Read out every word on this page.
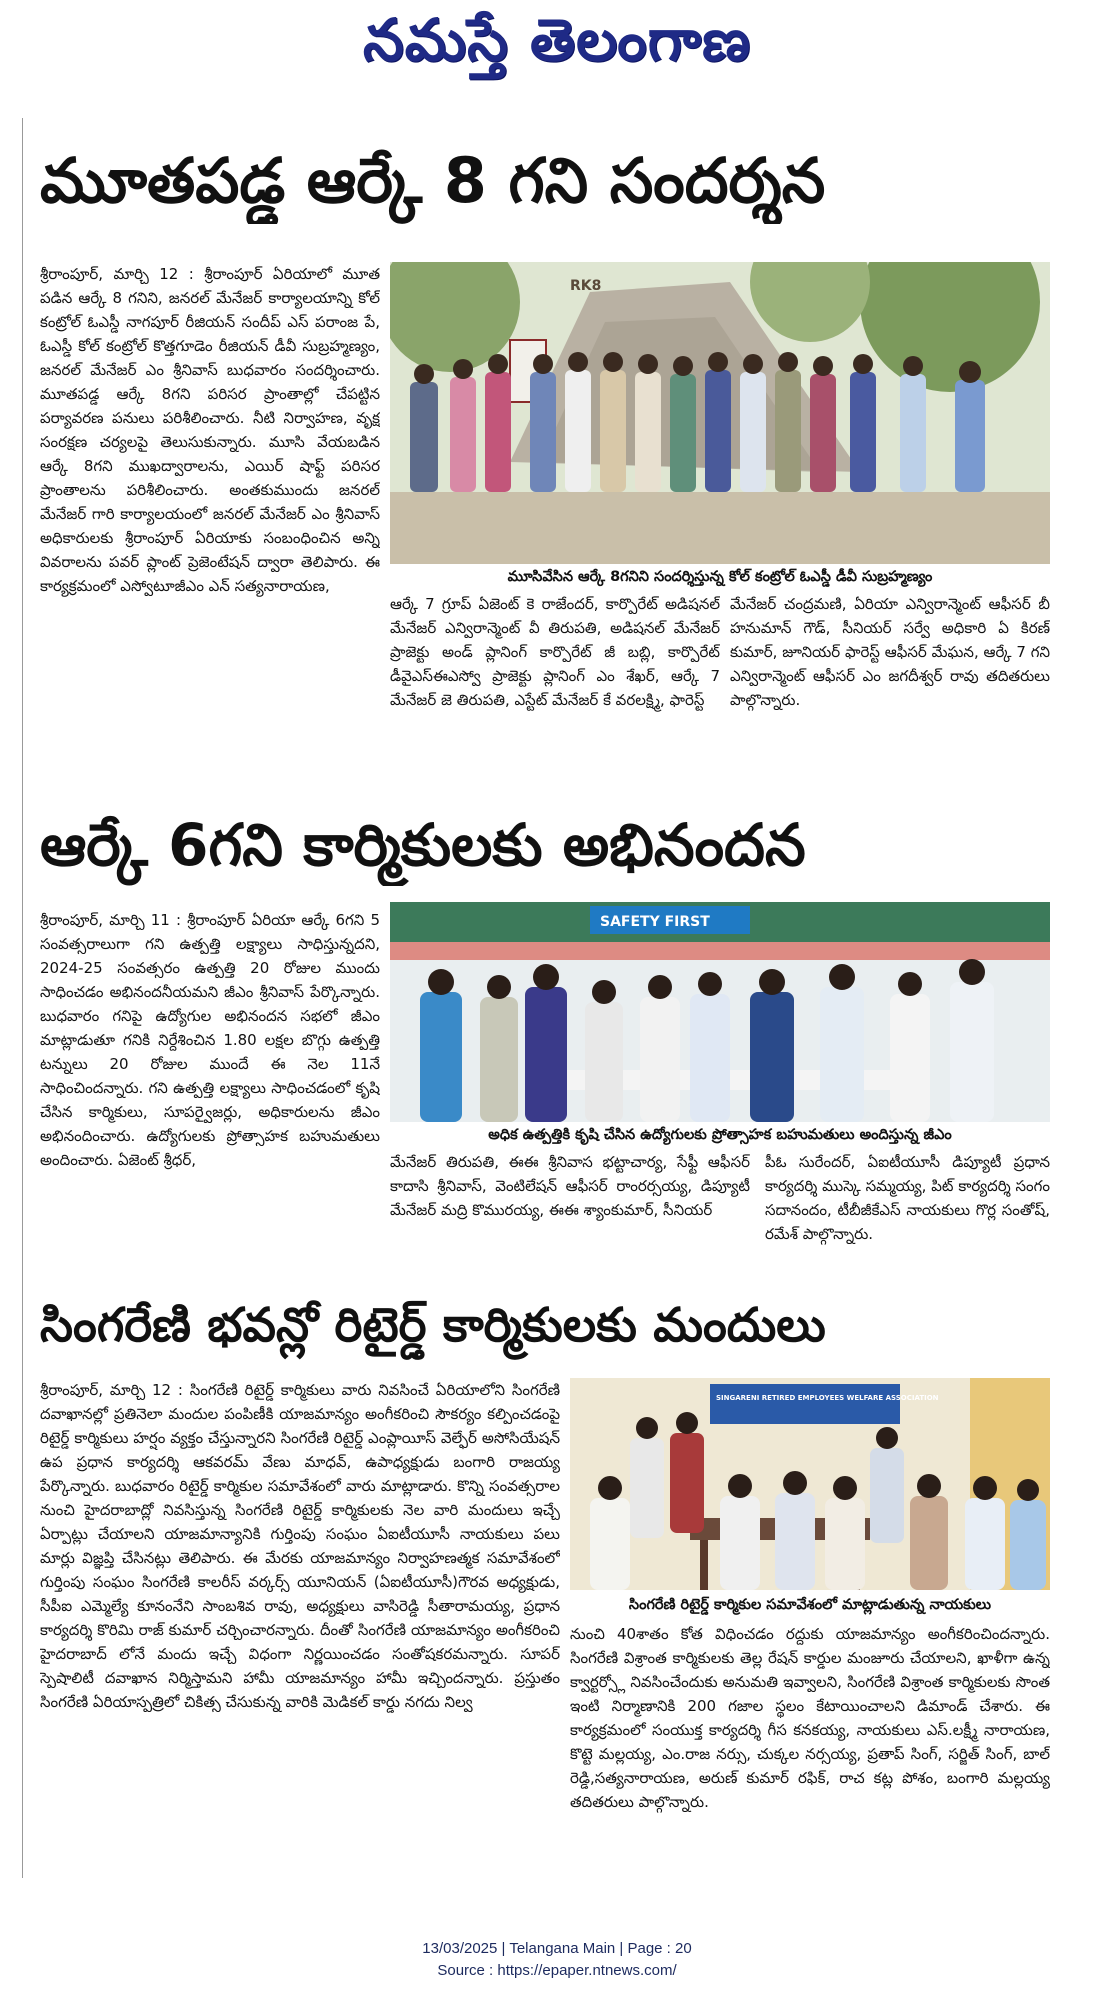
నమస్తే తెలంగాణ
మూతపడ్డ ఆర్కే 8 గని సందర్శన
శ్రీరాంపూర్, మార్చి 12 : శ్రీరాంపూర్ ఏరియాలో మూత పడిన ఆర్కే 8 గనిని, జనరల్ మేనేజర్ కార్యాలయాన్ని కోల్ కంట్రోల్ ఓఎస్డీ నాగపూర్ రీజియన్ సందీప్ ఎస్ పరాంజ పే, ఓఎస్డీ కోల్ కంట్రోల్ కొత్తగూడెం రీజియన్ డీవీ సుబ్రహ్మణ్యం, జనరల్ మేనేజర్ ఎం శ్రీనివాస్ బుధవారం సందర్శించారు. మూతపడ్డ ఆర్కే 8గని పరిసర ప్రాంతాల్లో చేపట్టిన పర్యావరణ పనులు పరిశీలించారు. నీటి నిర్వాహణ, వృక్ష సంరక్షణ చర్యలపై తెలుసుకున్నారు. మూసి వేయబడిన ఆర్కే 8గని ముఖద్వారాలను, ఎయిర్ షాఫ్ట్ పరిసర ప్రాంతాలను పరిశీలించారు. అంతకుముందు జనరల్ మేనేజర్ గారి కార్యాలయంలో జనరల్ మేనేజర్ ఎం శ్రీనివాస్ అధికారులకు శ్రీరాంపూర్ ఏరియాకు సంబంధించిన అన్ని వివరాలను పవర్ ప్లాంట్ ప్రెజెంటేషన్ ద్వారా తెలిపారు. ఈ కార్యక్రమంలో ఎస్వోటూజీఎం ఎన్ సత్యనారాయణ,
RK8
మూసివేసిన ఆర్కే 8గనిని సందర్శిస్తున్న కోల్ కంట్రోల్ ఓఎస్డీ డీవీ సుబ్రహ్మణ్యం
ఆర్కే 7 గ్రూప్ ఏజెంట్ కె రాజేందర్, కార్పొరేట్ అడిషనల్ మేనేజర్ ఎన్విరాన్మెంట్ వీ తిరుపతి, అడిషనల్ మేనేజర్ ప్రాజెక్టు అండ్ ప్లానింగ్ కార్పొరేట్ జీ బబ్లి, కార్పొరేట్ డీవైఎస్ఈఎస్వో ప్రాజెక్టు ప్లానింగ్ ఎం శేఖర్, ఆర్కే 7 మేనేజర్ జె తిరుపతి, ఎస్టేట్ మేనేజర్ కే వరలక్ష్మి, ఫారెస్ట్
మేనేజర్ చంద్రమణి, ఏరియా ఎన్విరాన్మెంట్ ఆఫీసర్ బీ హనుమాన్ గౌడ్, సీనియర్ సర్వే అధికారి ఏ కిరణ్ కుమార్, జూనియర్ ఫారెస్ట్ ఆఫీసర్ మేఘన, ఆర్కే 7 గని ఎన్విరాన్మెంట్ ఆఫీసర్ ఎం జగదీశ్వర్ రావు తదితరులు పాల్గొన్నారు.
ఆర్కే 6గని కార్మికులకు అభినందన
శ్రీరాంపూర్, మార్చి 11 : శ్రీరాంపూర్ ఏరియా ఆర్కే 6గని 5 సంవత్సరాలుగా గని ఉత్పత్తి లక్ష్యాలు సాధిస్తున్నదని, 2024-25 సంవత్సరం ఉత్పత్తి 20 రోజుల ముందు సాధించడం అభినందనీయమని జీఎం శ్రీనివాస్ పేర్కొన్నారు. బుధవారం గనిపై ఉద్యోగుల అభినందన సభలో జీఎం మాట్లాడుతూ గనికి నిర్దేశించిన 1.80 లక్షల బొగ్గు ఉత్పత్తి టన్నులు 20 రోజుల ముందే ఈ నెల 11నే సాధించిందన్నారు. గని ఉత్పత్తి లక్ష్యాలు సాధించడంలో కృషి చేసిన కార్మికులు, సూపర్వైజర్లు, అధికారులను జీఎం అభినందించారు. ఉద్యోగులకు ప్రోత్సాహక బహుమతులు అందించారు. ఏజెంట్ శ్రీధర్,
SAFETY FIRST
అధిక ఉత్పత్తికి కృషి చేసిన ఉద్యోగులకు ప్రోత్సాహక బహుమతులు అందిస్తున్న జీఎం
మేనేజర్ తిరుపతి, ఈఈ శ్రీనివాస భట్టాచార్య, సేఫ్టీ ఆఫీసర్ కాదాసి శ్రీనివాస్, వెంటిలేషన్ ఆఫీసర్ రాంరర్సయ్య, డిప్యూటీ మేనేజర్ మద్రి కొమురయ్య, ఈఈ శ్యాంకుమార్, సీనియర్
పీఓ సురేందర్, ఏఐటీయూసీ డిప్యూటీ ప్రధాన కార్యదర్శి ముస్కె సమ్మయ్య, పిట్ కార్యదర్శి సంగం సదానందం, టీబీజీకేఎస్ నాయకులు గొర్ల సంతోష్, రమేశ్ పాల్గొన్నారు.
సింగరేణి భవన్లో రిటైర్డ్ కార్మికులకు మందులు
శ్రీరాంపూర్, మార్చి 12 : సింగరేణి రిటైర్డ్ కార్మికులు వారు నివసించే ఏరియాలోని సింగరేణి దవాఖానల్లో ప్రతినెలా మందుల పంపిణీకి యాజమాన్యం అంగీకరించి సౌకర్యం కల్పించడంపై రిటైర్డ్ కార్మికులు హర్షం వ్యక్తం చేస్తున్నారని సింగరేణి రిటైర్డ్ ఎంప్లాయీస్ వెల్ఫేర్ అసోసియేషన్ ఉప ప్రధాన కార్యదర్శి ఆకవరమ్ వేణు మాధవ్, ఉపాధ్యక్షుడు బంగారి రాజయ్య పేర్కొన్నారు. బుధవారం రిటైర్డ్ కార్మికుల సమావేశంలో వారు మాట్లాడారు. కొన్ని సంవత్సరాల నుంచి హైదరాబాద్లో నివసిస్తున్న సింగరేణి రిటైర్డ్ కార్మికులకు నెల వారి మందులు ఇచ్చే ఏర్పాట్లు చేయాలని యాజమాన్యానికి గుర్తింపు సంఘం ఏఐటీయూసీ నాయకులు పలు మార్లు విజ్ఞప్తి చేసినట్లు తెలిపారు. ఈ మేరకు యాజమాన్యం నిర్వాహణత్మక సమావేశంలో గుర్తింపు సంఘం సింగరేణి కాలరీస్ వర్కర్స్ యూనియన్ (ఏఐటీయూసీ)గౌరవ అధ్యక్షుడు, సీపీఐ ఎమ్మెల్యే కూనంనేని సాంబశివ రావు, అధ్యక్షులు వాసిరెడ్డి సీతారామయ్య, ప్రధాన కార్యదర్శి కొరిమి రాజ్ కుమార్ చర్చించారన్నారు. దీంతో సింగరేణి యాజమాన్యం అంగీకరించి హైదరాబాద్ లోనే మందు ఇచ్చే విధంగా నిర్ణయించడం సంతోషకరమన్నారు. సూపర్ స్పెషాలిటీ దవాఖాన నిర్మిస్తామని హామీ యాజమాన్యం హామీ ఇచ్చిందన్నారు. ప్రస్తుతం సింగరేణి ఏరియాస్పత్రిలో చికిత్స చేసుకున్న వారికి మెడికల్ కార్డు నగదు నిల్వ
SINGARENI RETIRED EMPLOYEES WELFARE ASSOCIATION
సింగరేణి రిటైర్డ్ కార్మికుల సమావేశంలో మాట్లాడుతున్న నాయకులు
నుంచి 40శాతం కోత విధించడం రద్దుకు యాజమాన్యం అంగీకరించిందన్నారు. సింగరేణి విశ్రాంత కార్మికులకు తెల్ల రేషన్ కార్డుల మంజూరు చేయాలని, ఖాళీగా ఉన్న క్వార్టర్స్లో నివసించేందుకు అనుమతి ఇవ్వాలని, సింగరేణి విశ్రాంత కార్మికులకు సొంత ఇంటి నిర్మాణానికి 200 గజాల స్థలం కేటాయించాలని డిమాండ్ చేశారు. ఈ కార్యక్రమంలో సంయుక్త కార్యదర్శి గీస కనకయ్య, నాయకులు ఎస్.లక్ష్మీ నారాయణ, కొట్టె మల్లయ్య, ఎం.రాజ నర్సు, చుక్కల నర్సయ్య, ప్రతాప్ సింగ్, సర్జిత్ సింగ్, బాల్ రెడ్డి,సత్యనారాయణ, అరుణ్ కుమార్ రఫిక్, రాచ కట్ల పోశం, బంగారి మల్లయ్య తదితరులు పాల్గొన్నారు.
13/03/2025 | Telangana Main | Page : 20
Source : https://epaper.ntnews.com/
